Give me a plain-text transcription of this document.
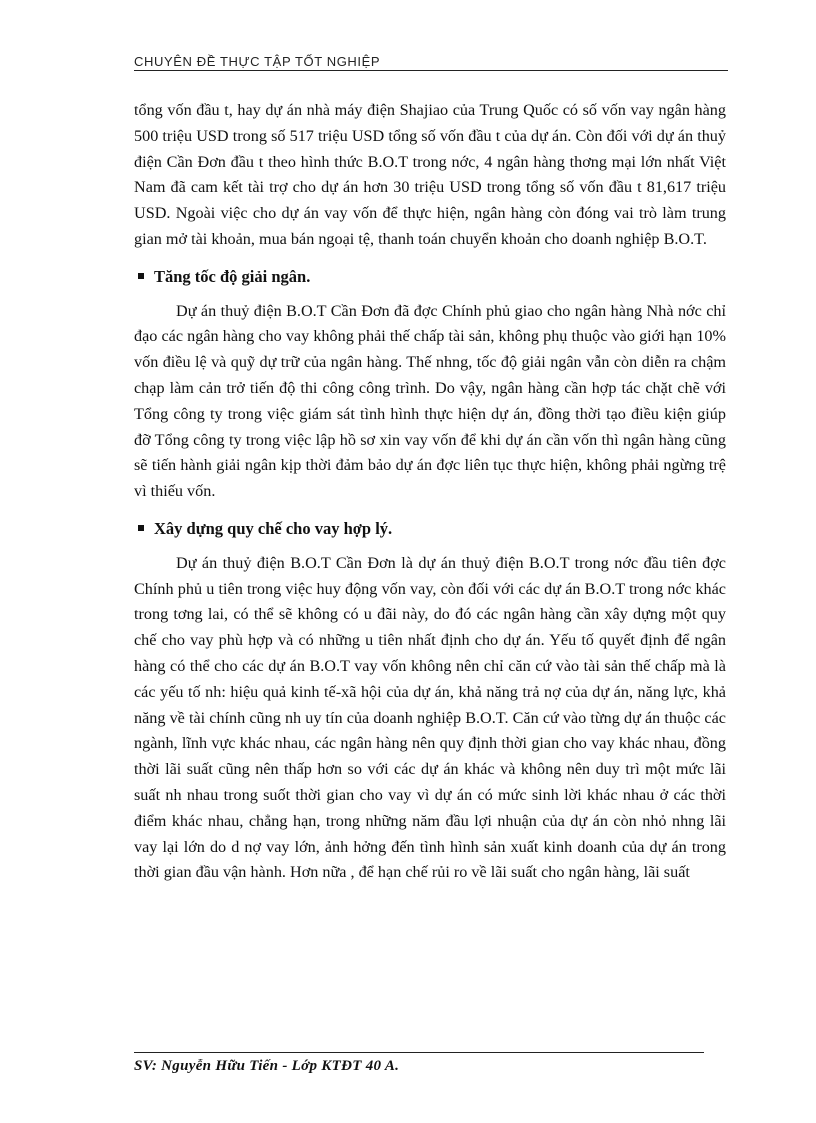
CHUYÊN ĐỀ THỰC TẬP TỐT NGHIỆP

tổng vốn đầu t, hay dự án nhà máy điện Shajiao của Trung Quốc có số vốn vay ngân hàng 500 triệu USD trong số 517 triệu USD tổng số vốn đầu t của dự án. Còn đối với dự án thuỷ điện Cần Đơn đầu t theo hình thức B.O.T trong nớc, 4 ngân hàng thơng mại lớn nhất Việt Nam đã cam kết tài trợ cho dự án hơn 30 triệu USD trong tổng số vốn đầu t 81,617 triệu USD. Ngoài việc cho dự án vay vốn để thực hiện, ngân hàng còn đóng vai trò làm trung gian mở tài khoản, mua bán ngoại tệ, thanh toán chuyển khoản cho doanh nghiệp B.O.T.

Tăng tốc độ giải ngân.

Dự án thuỷ điện B.O.T Cần Đơn đã đợc Chính phủ giao cho ngân hàng Nhà nớc chỉ đạo các ngân hàng cho vay không phải thế chấp tài sản, không phụ thuộc vào giới hạn 10% vốn điều lệ và quỹ dự trữ của ngân hàng. Thế nhng, tốc độ giải ngân vẫn còn diễn ra chậm chạp làm cản trở tiến độ thi công công trình. Do vậy, ngân hàng cần hợp tác chặt chẽ với Tổng công ty trong việc giám sát tình hình thực hiện dự án, đồng thời tạo điều kiện giúp đỡ Tổng công ty trong việc lập hồ sơ xin vay vốn để khi dự án cần vốn thì ngân hàng cũng sẽ tiến hành giải ngân kịp thời đảm bảo dự án đợc liên tục thực hiện, không phải ngừng trệ vì thiếu vốn.

Xây dựng quy chế cho vay hợp lý.

Dự án thuỷ điện B.O.T Cần Đơn là dự án thuỷ điện B.O.T trong nớc đầu tiên đợc Chính phủ u tiên trong việc huy động vốn vay, còn đối với các dự án B.O.T trong nớc khác trong tơng lai, có thể sẽ không có u đãi này, do đó các ngân hàng cần xây dựng một quy chế cho vay phù hợp và có những u tiên nhất định cho dự án. Yếu tố quyết định để ngân hàng có thể cho các dự án B.O.T vay vốn không nên chỉ căn cứ vào tài sản thế chấp mà là các yếu tố nh: hiệu quả kinh tế-xã hội của dự án, khả năng trả nợ của dự án, năng lực, khả năng về tài chính cũng nh uy tín của doanh nghiệp B.O.T. Căn cứ vào từng dự án thuộc các ngành, lĩnh vực khác nhau, các ngân hàng nên quy định thời gian cho vay khác nhau, đồng thời lãi suất cũng nên thấp hơn so với các dự án khác và không nên duy trì một mức lãi suất nh nhau trong suốt thời gian cho vay vì dự án có mức sinh lời khác nhau ở các thời điểm khác nhau, chẳng hạn, trong những năm đầu lợi nhuận của dự án còn nhỏ nhng lãi vay lại lớn do d nợ vay lớn, ảnh hởng đến tình hình sản xuất kinh doanh của dự án trong thời gian đầu vận hành. Hơn nữa , để hạn chế rủi ro về lãi suất cho ngân hàng, lãi suất

SV: Nguyễn Hữu Tiến - Lớp KTĐT 40 A.
